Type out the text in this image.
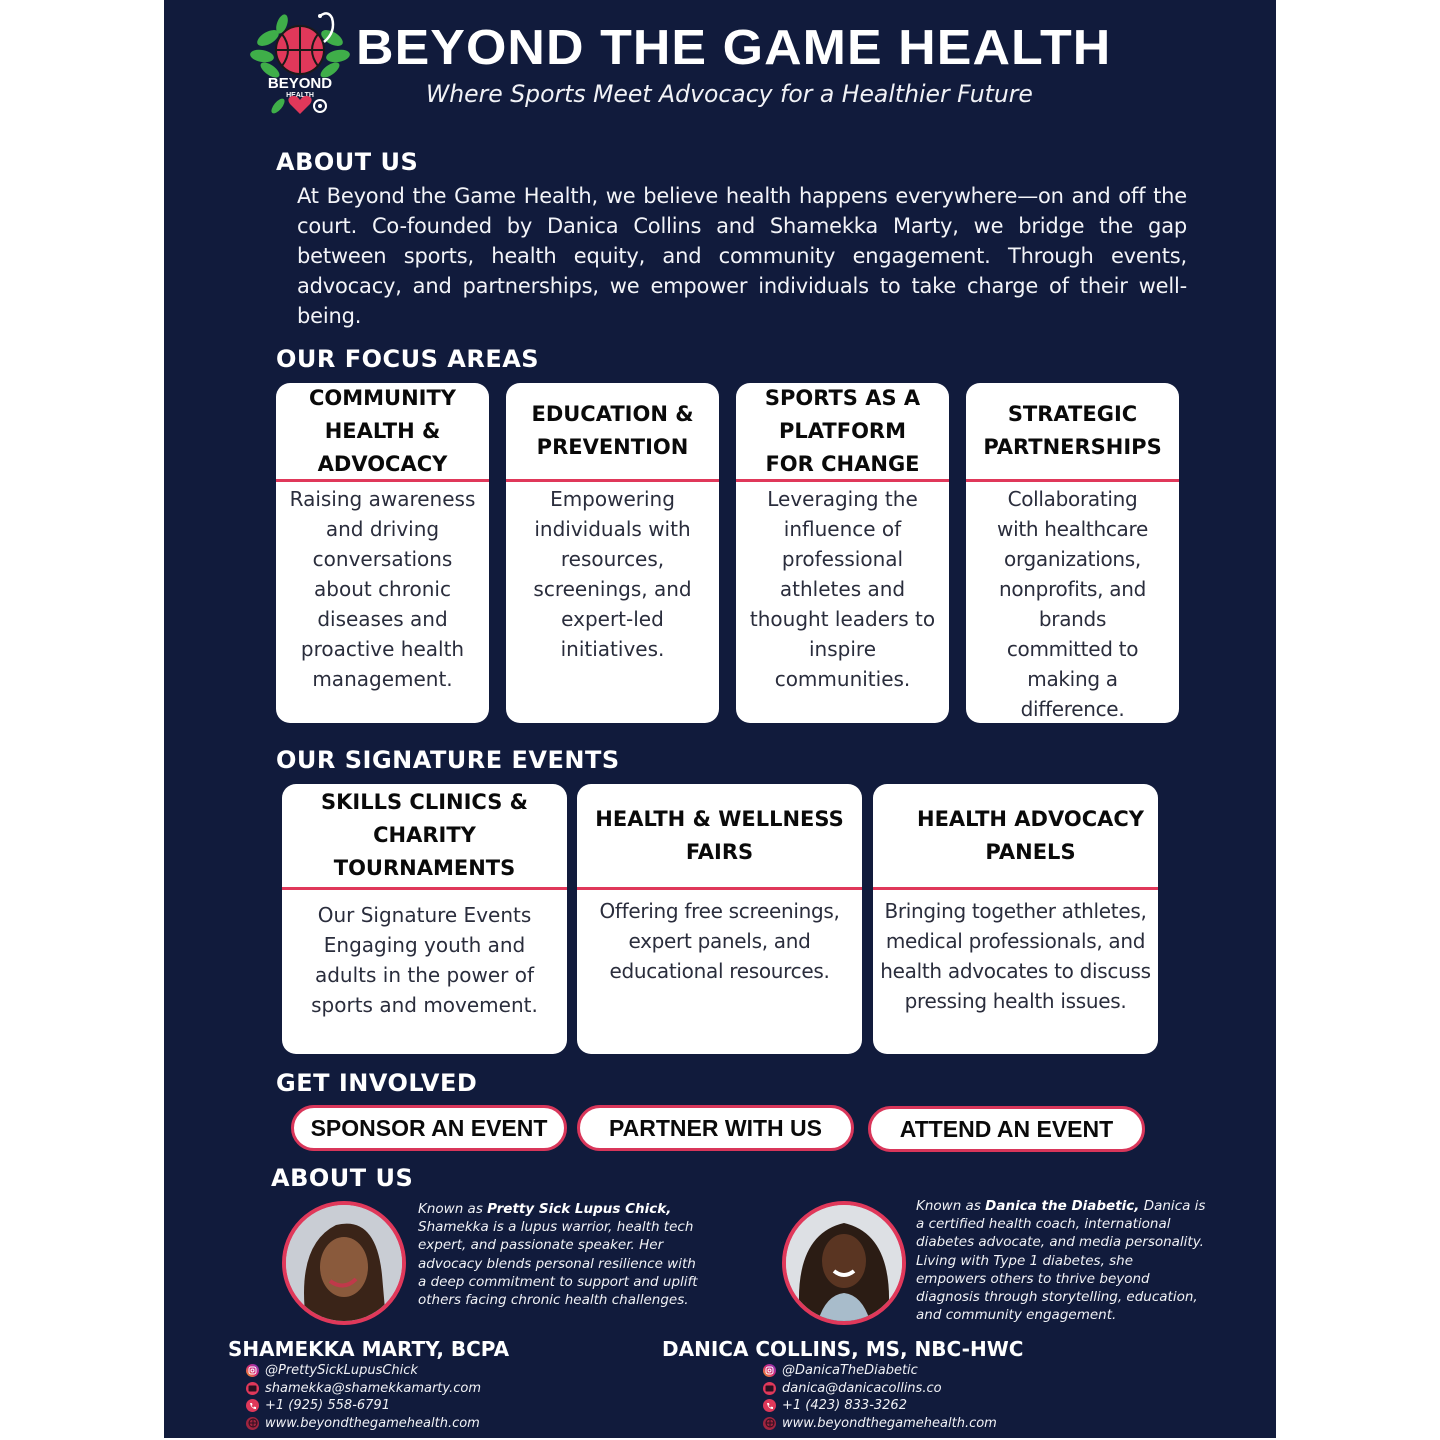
BEYOND
HEALTH
BEYOND THE GAME HEALTH
Where Sports Meet Advocacy for a Healthier Future
ABOUT US

At Beyond the Game Health, we believe health happens everywhere—on and off the court. Co-founded by Danica Collins and Shamekka Marty, we bridge the gap between sports, health equity, and community engagement. Through events, advocacy, and partnerships, we empower individuals to take charge of their well-being.

OUR FOCUS AREAS
COMMUNITY HEALTH & ADVOCACY
Raising awareness and driving conversations about chronic diseases and proactive health management.
EDUCATION & PREVENTION
Empowering individuals with resources, screenings, and expert-led initiatives.
SPORTS AS A PLATFORM FOR CHANGE
Leveraging the influence of professional athletes and thought leaders to inspire communities.
STRATEGIC PARTNERSHIPS
Collaborating with healthcare organizations, nonprofits, and brands committed to making a difference.
OUR SIGNATURE EVENTS
SKILLS CLINICS & CHARITY TOURNAMENTS
Our Signature Events Engaging youth and adults in the power of sports and movement.
HEALTH & WELLNESS FAIRS
Offering free screenings, expert panels, and educational resources.
HEALTH ADVOCACY PANELS
Bringing together athletes, medical professionals, and health advocates to discuss pressing health issues.
GET INVOLVED
SPONSOR AN EVENT	PARTNER WITH US	ATTEND AN EVENT
ABOUT US

Known as Pretty Sick Lupus Chick, Shamekka is a lupus warrior, health tech expert, and passionate speaker. Her advocacy blends personal resilience with a deep commitment to support and uplift others facing chronic health challenges.

SHAMEKKA MARTY, BCPA
@PrettySickLupusChick
shamekka@shamekkamarty.com
+1 (925) 558-6791
www.beyondthegamehealth.com

Known as Danica the Diabetic, Danica is a certified health coach, international diabetes advocate, and media personality. Living with Type 1 diabetes, she empowers others to thrive beyond diagnosis through storytelling, education, and community engagement.

DANICA COLLINS, MS, NBC-HWC
@DanicaTheDiabetic
danica@danicacollins.co
+1 (423) 833-3262
www.beyondthegamehealth.com
